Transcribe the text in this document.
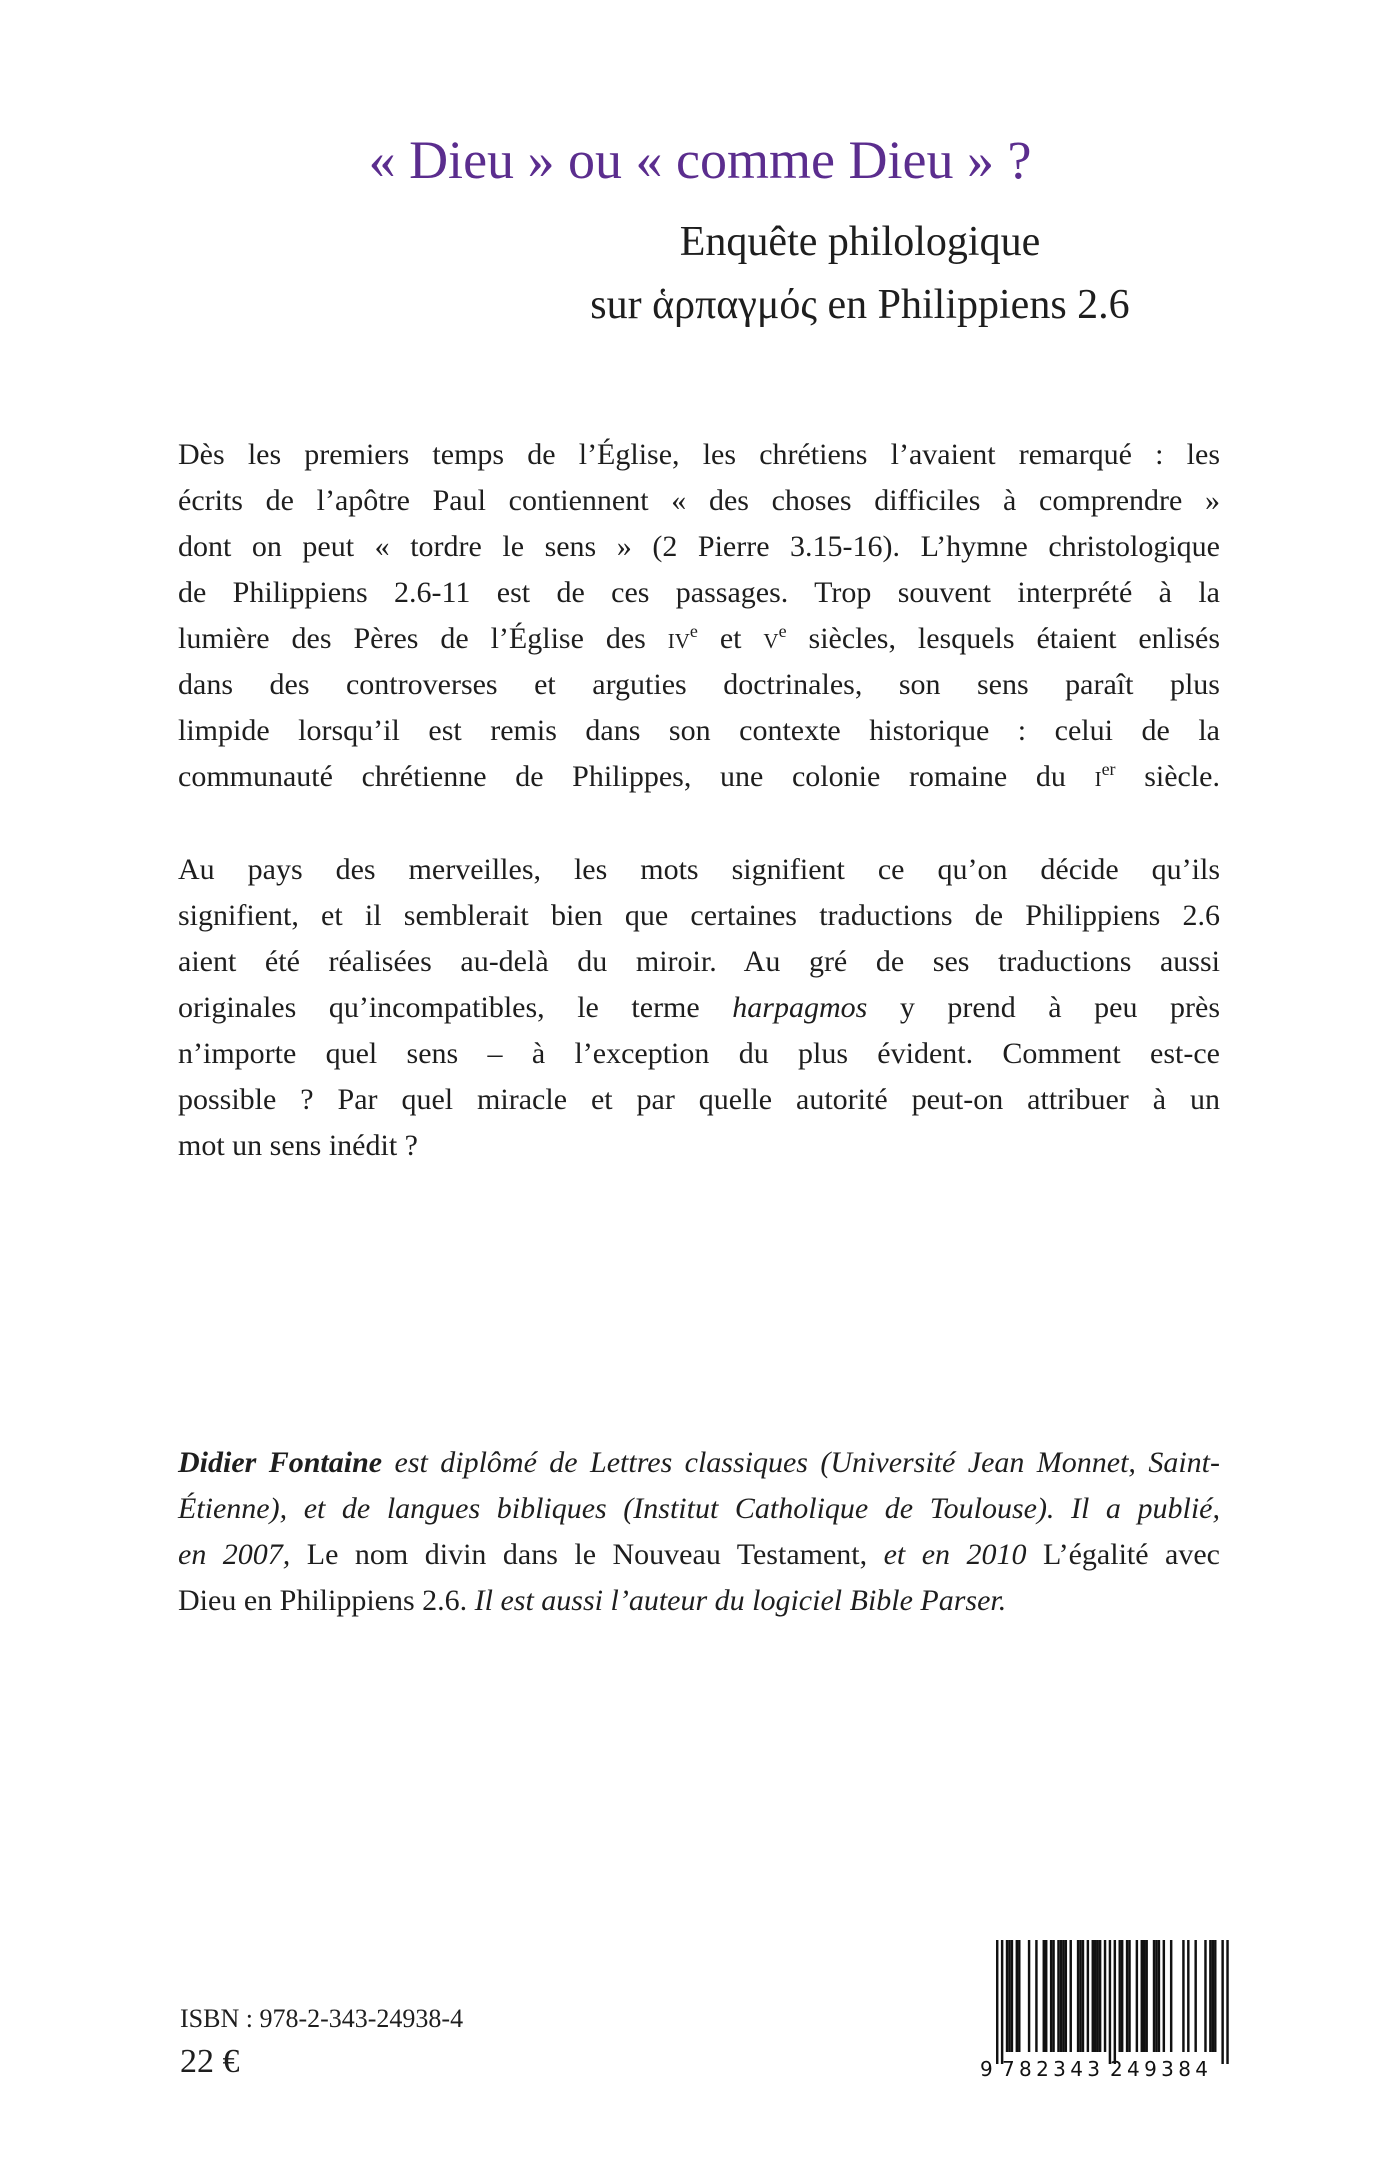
« Dieu » ou « comme Dieu » ?
Enquête philologique
sur ἁρπαγμός en Philippiens 2.6
Dès les premiers temps de l’Église, les chrétiens l’avaient remarqué : les
écrits de l’apôtre Paul contiennent « des choses difficiles à comprendre »
dont on peut « tordre le sens » (2 Pierre 3.15-16). L’hymne christologique
de Philippiens 2.6-11 est de ces passages. Trop souvent interprété à la
lumière des Pères de l’Église des $iv^e$ et $v^e$ siècles, lesquels étaient enlisés
dans des controverses et arguties doctrinales, son sens paraît plus
limpide lorsqu’il est remis dans son contexte historique : celui de la
communauté chrétienne de Philippes, une colonie romaine du $i^{er}$ siècle.
Au pays des merveilles, les mots signifient ce qu’on décide qu’ils
signifient, et il semblerait bien que certaines traductions de Philippiens 2.6
aient été réalisées au-delà du miroir. Au gré de ses traductions aussi
originales qu’incompatibles, le terme harpagmos y prend à peu près
n’importe quel sens – à l’exception du plus évident. Comment est-ce
possible ? Par quel miracle et par quelle autorité peut-on attribuer à un
mot un sens inédit ?
Didier Fontaine est diplômé de Lettres classiques (Université Jean Monnet, Saint-
Étienne), et de langues bibliques (Institut Catholique de Toulouse). Il a publié,
en 2007, Le nom divin dans le Nouveau Testament, et en 2010 L’égalité avec
Dieu en Philippiens 2.6. Il est aussi l’auteur du logiciel Bible Parser.
ISBN : 978-2-343-24938-4
22 €	9 782343 249384
